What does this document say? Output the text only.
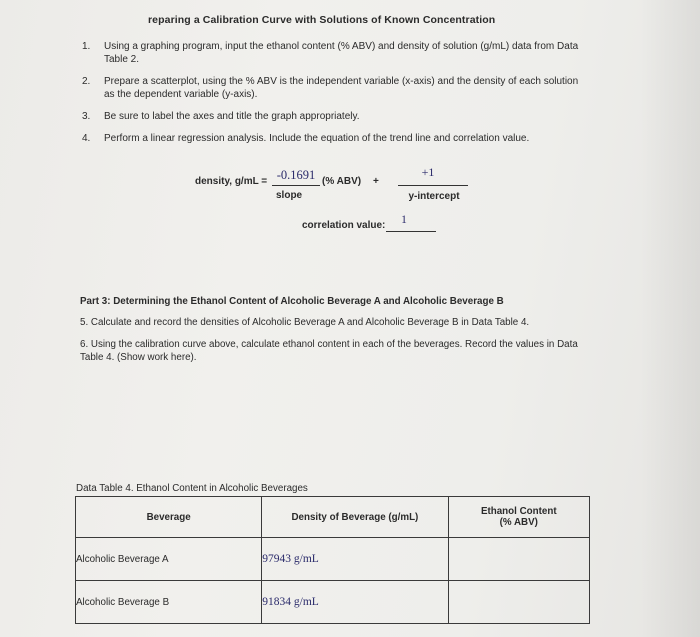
reparing a Calibration Curve with Solutions of Known Concentration
1. Using a graphing program, input the ethanol content (% ABV) and density of solution (g/mL) data from Data Table 2.
2. Prepare a scatterplot, using the % ABV is the independent variable (x-axis) and the density of each solution as the dependent variable (y-axis).
3. Be sure to label the axes and title the graph appropriately.
4. Perform a linear regression analysis. Include the equation of the trend line and correlation value.
density, g/mL = -0.1691 (% ABV) +
slope
+1
y-intercept
correlation value:	1
Part 3: Determining the Ethanol Content of Alcoholic Beverage A and Alcoholic Beverage B

5. Calculate and record the densities of Alcoholic Beverage A and Alcoholic Beverage B in Data Table 4.

6. Using the calibration curve above, calculate ethanol content in each of the beverages. Record the values in Data Table 4. (Show work here).

Data Table 4. Ethanol Content in Alcoholic Beverages
Beverage	Density of Beverage (g/mL)	Ethanol Content
(% ABV)

Alcoholic Beverage A	97943 g/mL	
Alcoholic Beverage B	91834 g/mL	
